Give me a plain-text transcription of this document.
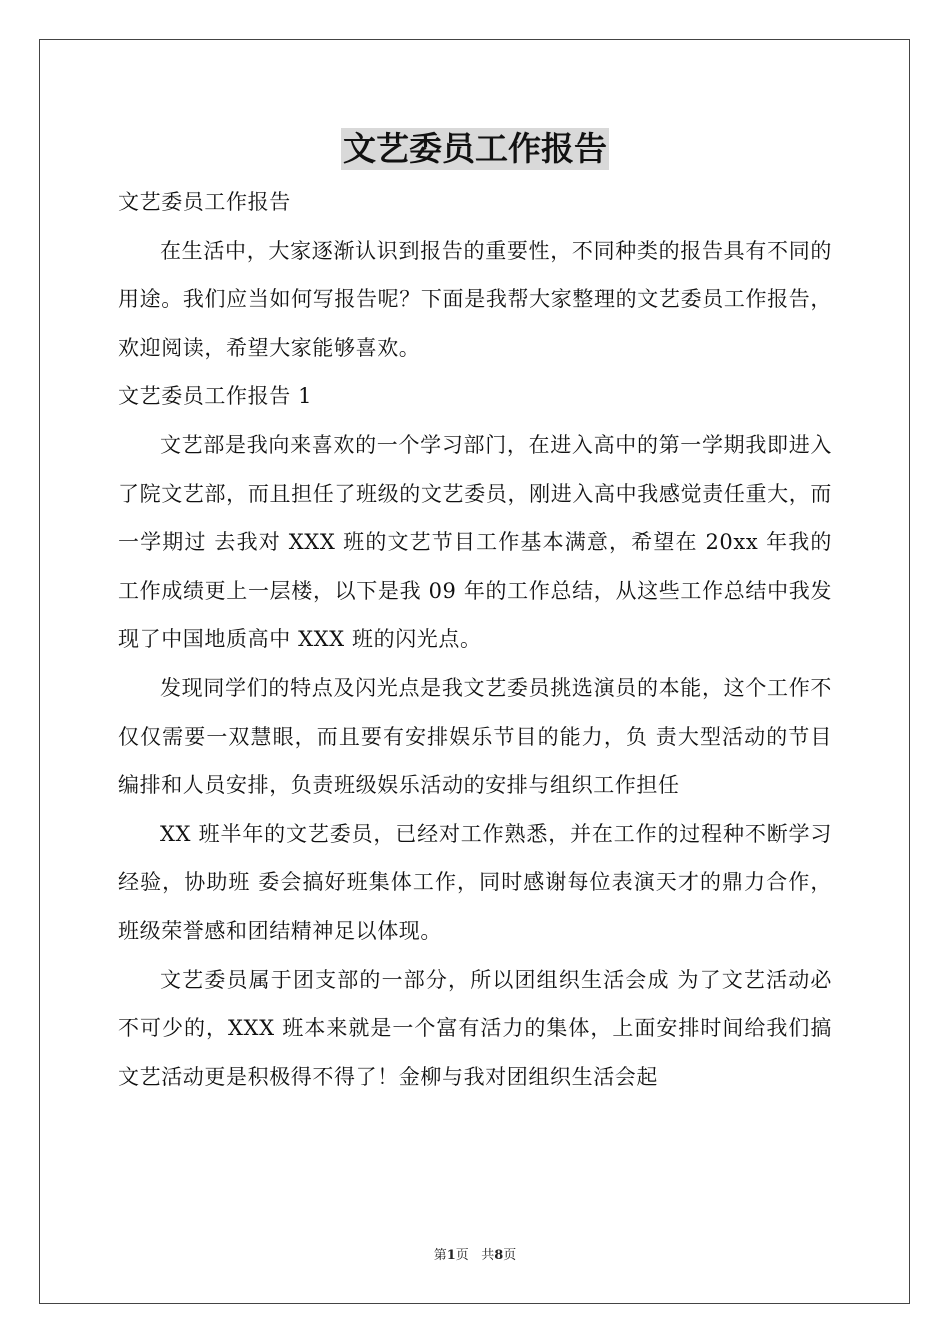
文艺委员工作报告

文艺委员工作报告

在生活中，大家逐渐认识到报告的重要性，不同种类的报告具有不同的用途。我们应当如何写报告呢？下面是我帮大家整理的文艺委员工作报告，欢迎阅读，希望大家能够喜欢。

文艺委员工作报告 1

文艺部是我向来喜欢的一个学习部门，在进入高中的第一学期我即进入了院文艺部，而且担任了班级的文艺委员，刚进入高中我感觉责任重大，而一学期过 去我对 XXX 班的文艺节目工作基本满意，希望在 20xx 年我的工作成绩更上一层楼，以下是我 09 年的工作总结，从这些工作总结中我发现了中国地质高中 XXX 班的闪光点。

发现同学们的特点及闪光点是我文艺委员挑选演员的本能，这个工作不仅仅需要一双慧眼，而且要有安排娱乐节目的能力，负 责大型活动的节目编排和人员安排，负责班级娱乐活动的安排与组织工作担任

XX 班半年的文艺委员，已经对工作熟悉，并在工作的过程种不断学习经验，协助班 委会搞好班集体工作，同时感谢每位表演天才的鼎力合作，班级荣誉感和团结精神足以体现。

文艺委员属于团支部的一部分，所以团组织生活会成 为了文艺活动必不可少的，XXX 班本来就是一个富有活力的集体，上面安排时间给我们搞文艺活动更是积极得不得了！金柳与我对团组织生活会起

第1页 共8页
